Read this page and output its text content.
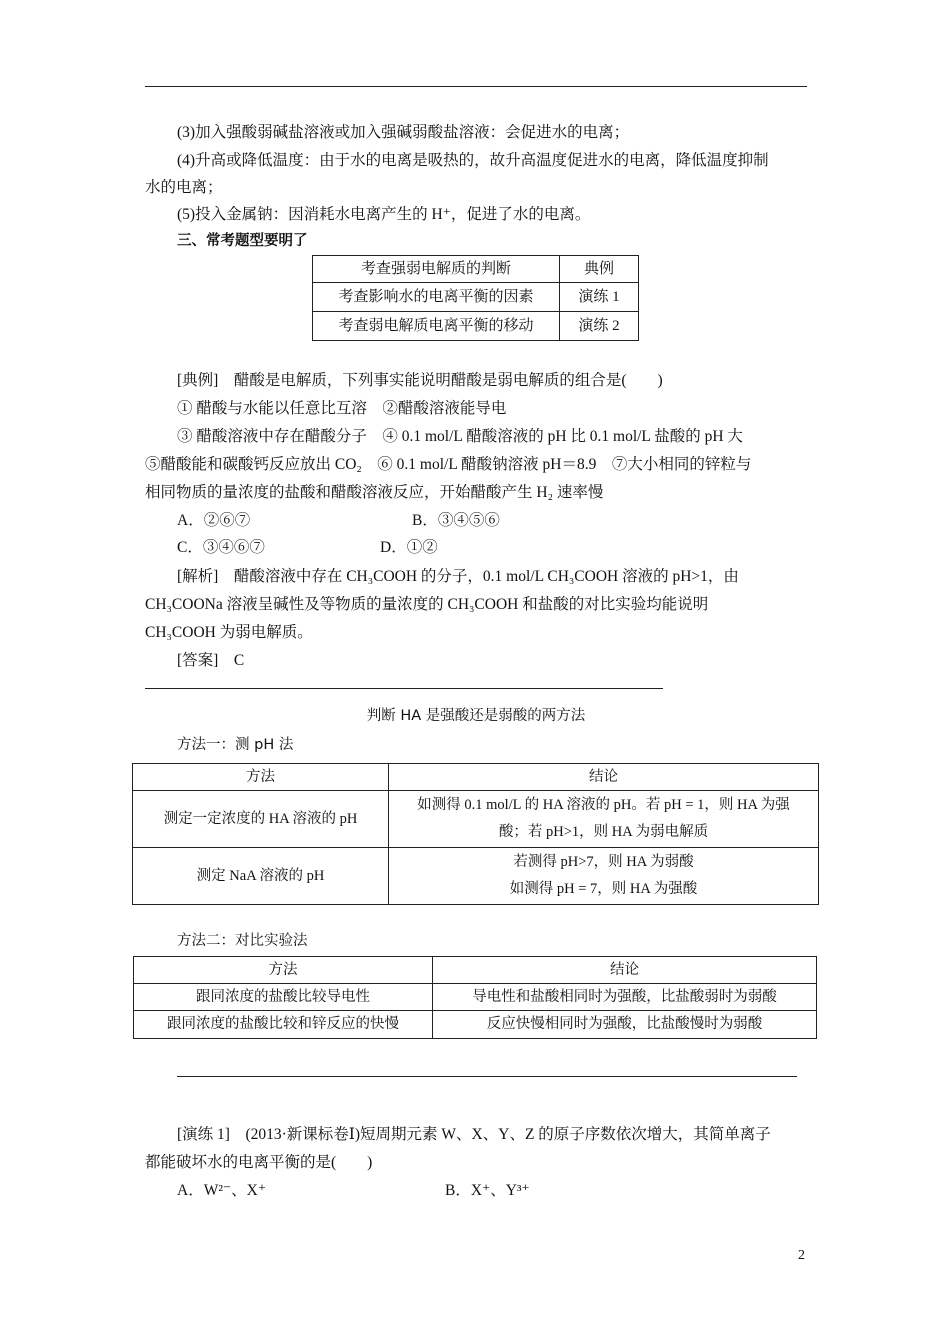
(3)加入强酸弱碱盐溶液或加入强碱弱酸盐溶液：会促进水的电离；
(4)升高或降低温度：由于水的电离是吸热的，故升高温度促进水的电离，降低温度抑制
水的电离；
(5)投入金属钠：因消耗水电离产生的 H⁺，促进了水的电离。
三、常考题型要明了
考查强弱电解质的判断	典例
考查影响水的电离平衡的因素	演练 1
考查弱电解质电离平衡的移动	演练 2
[典例]　醋酸是电解质，下列事实能说明醋酸是弱电解质的组合是(　　)
① 醋酸与水能以任意比互溶　②醋酸溶液能导电
③ 醋酸溶液中存在醋酸分子　④ 0.1 mol/L 醋酸溶液的 pH 比 0.1 mol/L 盐酸的 pH 大
⑤醋酸能和碳酸钙反应放出 CO₂　⑥ 0.1 mol/L 醋酸钠溶液 pH＝8.9　⑦大小相同的锌粒与
相同物质的量浓度的盐酸和醋酸溶液反应，开始醋酸产生 H₂ 速率慢
A．②⑥⑦	B．③④⑤⑥
C．③④⑥⑦	D．①②
[解析]　醋酸溶液中存在 CH₃COOH 的分子，0.1 mol/L CH₃COOH 溶液的 pH>1，由
CH₃COONa 溶液呈碱性及等物质的量浓度的 CH₃COOH 和盐酸的对比实验均能说明
CH₃COOH 为弱电解质。
[答案]　C
判断 HA 是强酸还是弱酸的两方法
方法一：测 pH 法
方法	结论
测定一定浓度的 HA 溶液的 pH	如测得 0.1 mol/L 的 HA 溶液的 pH。若 pH = 1，则 HA 为强
酸；若 pH>1，则 HA 为弱电解质

测定 NaA 溶液的 pH	若测得 pH>7，则 HA 为弱酸
如测得 pH = 7，则 HA 为强酸
方法二：对比实验法
方法	结论
跟同浓度的盐酸比较导电性	导电性和盐酸相同时为强酸，比盐酸弱时为弱酸
跟同浓度的盐酸比较和锌反应的快慢	反应快慢相同时为强酸，比盐酸慢时为弱酸
[演练 1]　(2013·新课标卷Ⅰ)短周期元素 W、X、Y、Z 的原子序数依次增大，其简单离子
都能破坏水的电离平衡的是(　　)
A．W²⁻、X⁺	B．X⁺、Y³⁺
2
